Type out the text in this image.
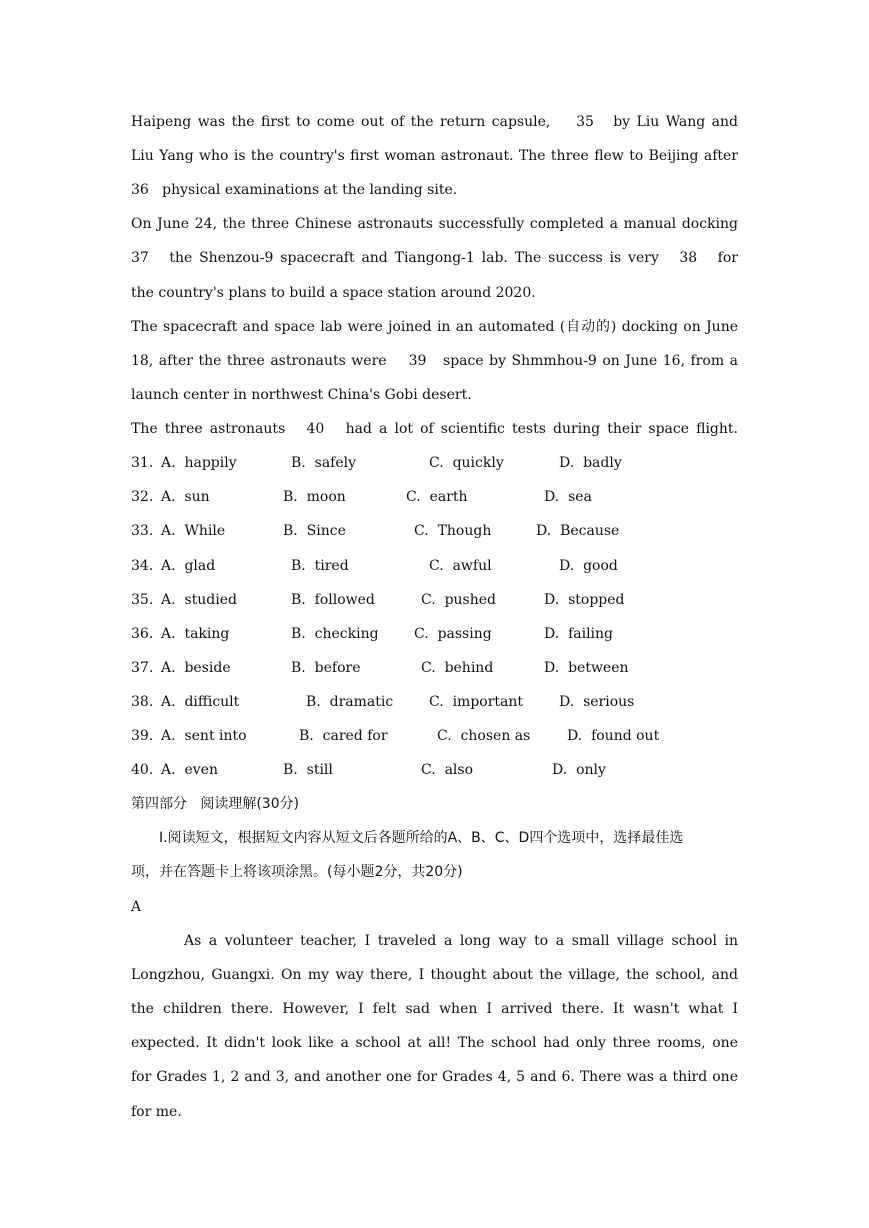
Haipeng was the first to come out of the return capsule,    35   by Liu Wang and
Liu Yang who is the country's first woman astronaut. The three flew to Beijing after
36   physical examinations at the landing site.
On June 24, the three Chinese astronauts successfully completed a manual docking
37   the Shenzou-9 spacecraft and Tiangong-1 lab. The success is very   38   for
the country's plans to build a space station around 2020.
The spacecraft and space lab were joined in an automated (自动的) docking on June
18, after the three astronauts were    39   space by Shmmhou-9 on June 16, from a
launch center in northwest China's Gobi desert.
The three astronauts   40   had a lot of scientific tests during their space flight.
31. A.  happily	B.  safely	C.  quickly	D.  badly
32. A.  sun	B.  moon	C.  earth	D.  sea
33. A.  While	B.  Since	C.  Though	D.  Because
34. A.  glad	B.  tired	C.  awful	D.  good
35. A.  studied	B.  followed	C.  pushed	D.  stopped
36. A.  taking	B.  checking	C.  passing	D.  failing
37. A.  beside	B.  before	C.  behind	D.  between
38. A.  difficult	B.  dramatic	C.  important	D.  serious
39. A.  sent into	B.  cared for	C.  chosen as	D.  found out
40. A.  even	B.  still	C.  also	D.  only
第四部分   阅读理解(30分)
Ⅰ.阅读短文，根据短文内容从短文后各题所给的A、B、C、D四个选项中，选择最佳选
项，并在答题卡上将该项涂黑。(每小题2分，共20分)
A
As a volunteer teacher, I traveled a long way to a small village school in
Longzhou, Guangxi. On my way there, I thought about the village, the school, and
the children there. However, I felt sad when I arrived there. It wasn't what I
expected. It didn't look like a school at all! The school had only three rooms, one
for Grades 1, 2 and 3, and another one for Grades 4, 5 and 6. There was a third one
for me.
